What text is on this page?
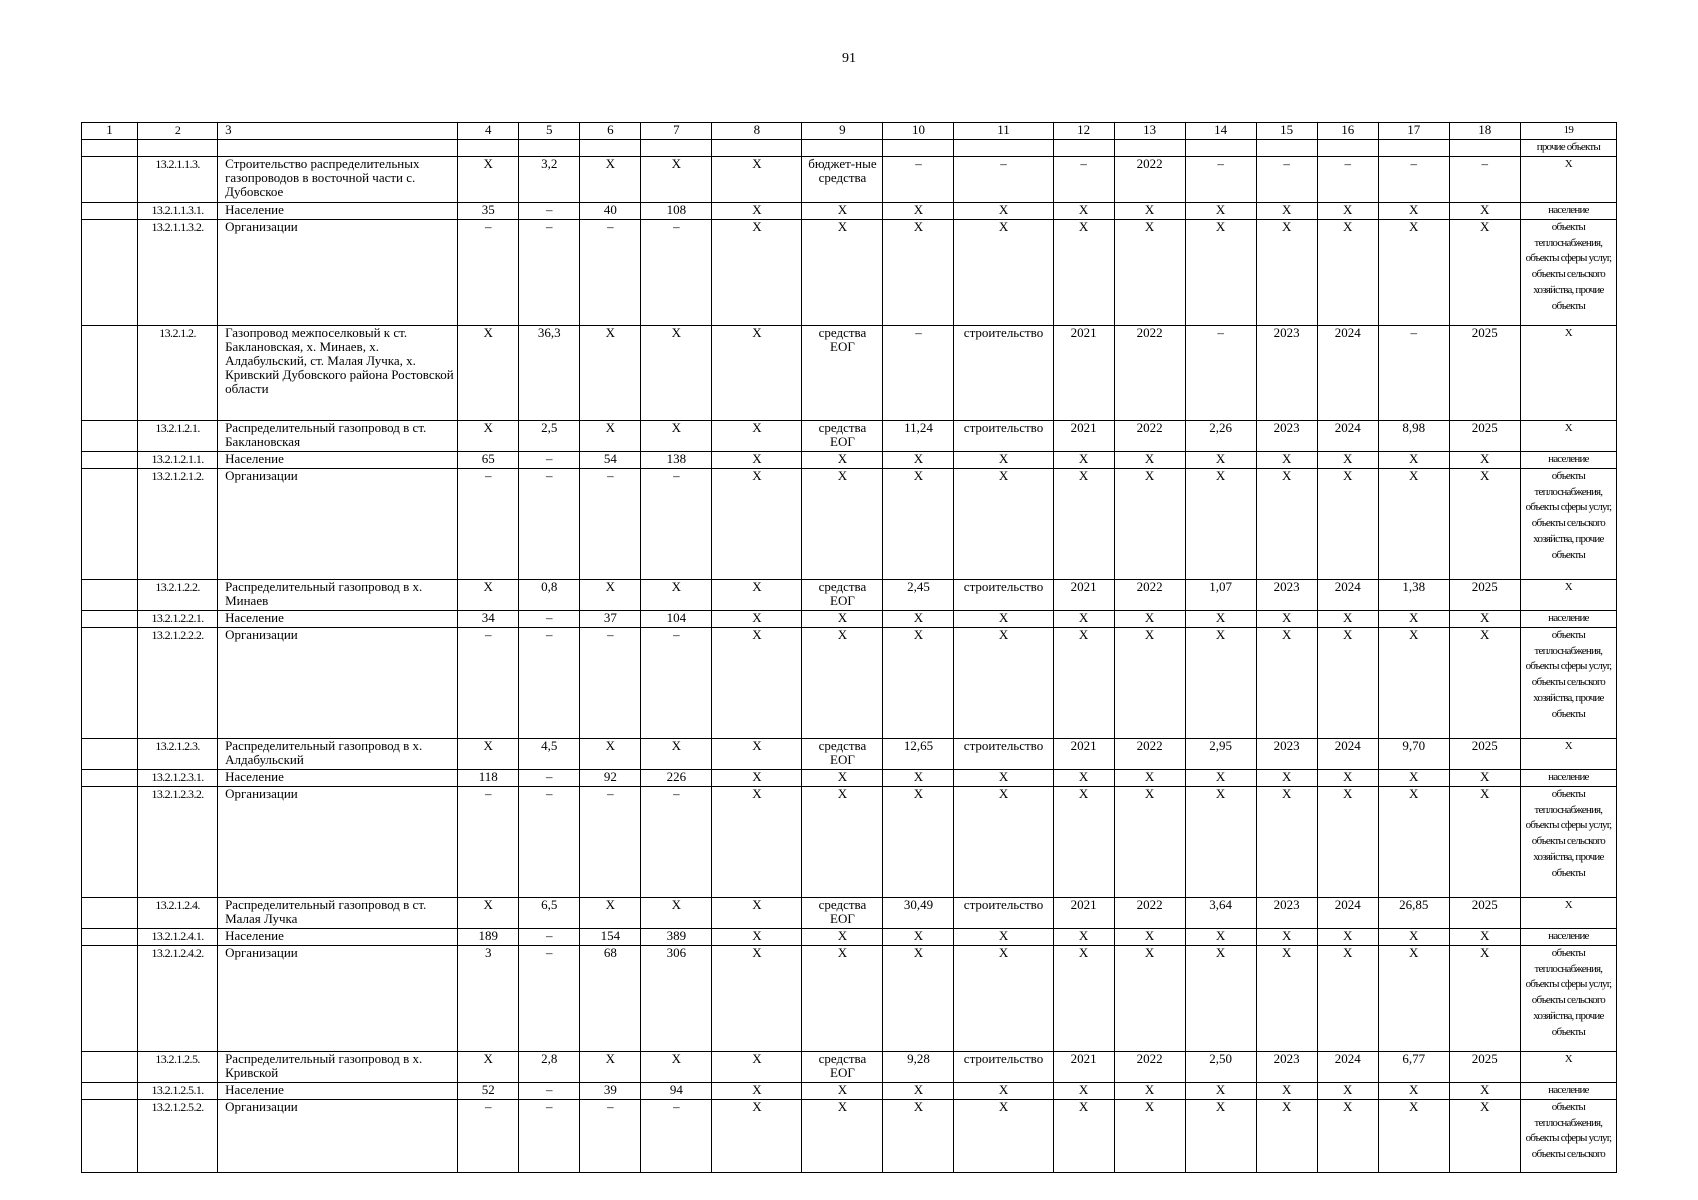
91
1	2	3	4	5	6	7	8	9	10	11	12	13	14	15	16	17	18	19
																		прочие объекты
	13.2.1.1.3.	Строительство распределительных газопроводов в восточной части с. Дубовское	X	3,2	X	X	X	бюджет-ные средства	–	–	–	2022	–	–	–	–	–	X
	13.2.1.1.3.1.	Население	35	–	40	108	X	X	X	X	X	X	X	X	X	X	X	население
	13.2.1.1.3.2.	Организации	–	–	–	–	X	X	X	X	X	X	X	X	X	X	X	объекты теплоснабжения, объекты сферы услуг, объекты сельского хозяйства, прочие объекты
	13.2.1.2.	Газопровод межпоселковый к ст. Баклановская, х. Минаев, х. Алдабульский, ст. Малая Лучка, х. Кривский Дубовского района Ростовской области	X	36,3	X	X	X	средства ЕОГ	–	строительство	2021	2022	–	2023	2024	–	2025	X
	13.2.1.2.1.	Распределительный газопровод в ст. Баклановская	X	2,5	X	X	X	средства ЕОГ	11,24	строительство	2021	2022	2,26	2023	2024	8,98	2025	X
	13.2.1.2.1.1.	Население	65	–	54	138	X	X	X	X	X	X	X	X	X	X	X	население
	13.2.1.2.1.2.	Организации	–	–	–	–	X	X	X	X	X	X	X	X	X	X	X	объекты теплоснабжения, объекты сферы услуг, объекты сельского хозяйства, прочие объекты
	13.2.1.2.2.	Распределительный газопровод в х. Минаев	X	0,8	X	X	X	средства ЕОГ	2,45	строительство	2021	2022	1,07	2023	2024	1,38	2025	X
	13.2.1.2.2.1.	Население	34	–	37	104	X	X	X	X	X	X	X	X	X	X	X	население
	13.2.1.2.2.2.	Организации	–	–	–	–	X	X	X	X	X	X	X	X	X	X	X	объекты теплоснабжения, объекты сферы услуг, объекты сельского хозяйства, прочие объекты
	13.2.1.2.3.	Распределительный газопровод в х. Алдабульский	X	4,5	X	X	X	средства ЕОГ	12,65	строительство	2021	2022	2,95	2023	2024	9,70	2025	X
	13.2.1.2.3.1.	Население	118	–	92	226	X	X	X	X	X	X	X	X	X	X	X	население
	13.2.1.2.3.2.	Организации	–	–	–	–	X	X	X	X	X	X	X	X	X	X	X	объекты теплоснабжения, объекты сферы услуг, объекты сельского хозяйства, прочие объекты
	13.2.1.2.4.	Распределительный газопровод в ст. Малая Лучка	X	6,5	X	X	X	средства ЕОГ	30,49	строительство	2021	2022	3,64	2023	2024	26,85	2025	X
	13.2.1.2.4.1.	Население	189	–	154	389	X	X	X	X	X	X	X	X	X	X	X	население
	13.2.1.2.4.2.	Организации	3	–	68	306	X	X	X	X	X	X	X	X	X	X	X	объекты теплоснабжения, объекты сферы услуг, объекты сельского хозяйства, прочие объекты
	13.2.1.2.5.	Распределительный газопровод в х. Кривской	X	2,8	X	X	X	средства ЕОГ	9,28	строительство	2021	2022	2,50	2023	2024	6,77	2025	X
	13.2.1.2.5.1.	Население	52	–	39	94	X	X	X	X	X	X	X	X	X	X	X	население
	13.2.1.2.5.2.	Организации	–	–	–	–	X	X	X	X	X	X	X	X	X	X	X	объекты теплоснабжения, объекты сферы услуг, объекты сельского
